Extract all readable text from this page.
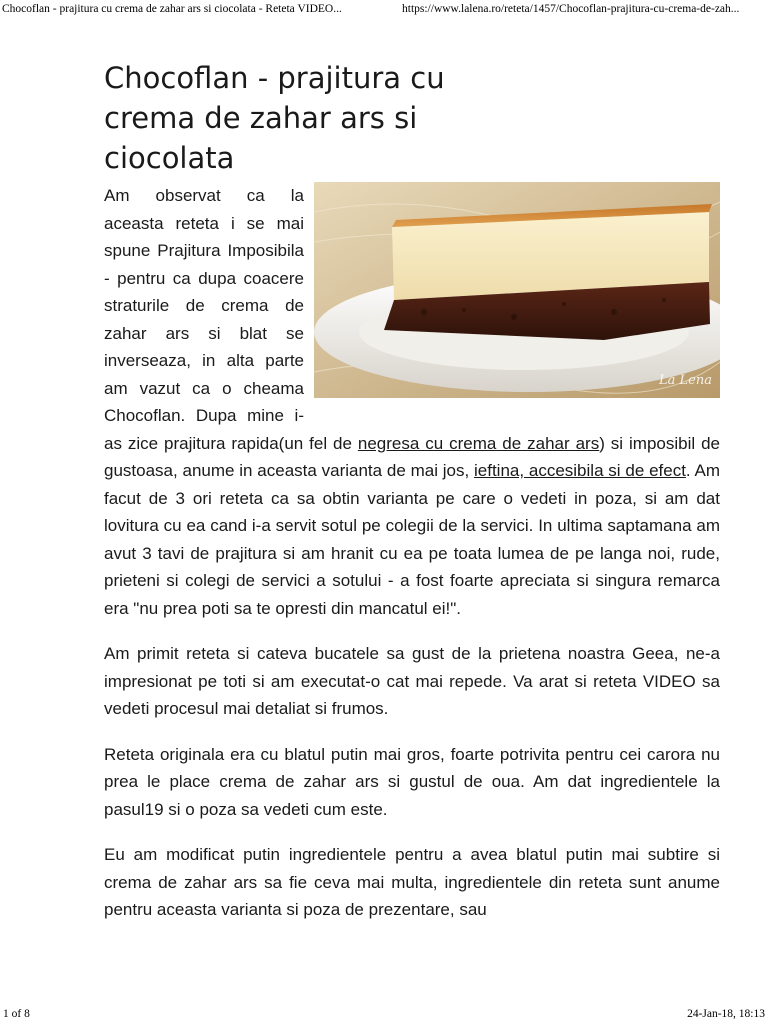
Chocoflan - prajitura cu crema de zahar ars si ciocolata - Reteta VIDEO...	https://www.lalena.ro/reteta/1457/Chocoflan-prajitura-cu-crema-de-zah...
Chocoflan - prajitura cu crema de zahar ars si ciocolata
La Lena

Am observat ca la aceasta reteta i se mai spune Prajitura Imposibila - pentru ca dupa coacere straturile de crema de zahar ars si blat se inverseaza, in alta parte am vazut ca o cheama Chocoflan. Dupa mine i-as zice prajitura rapida(un fel de negresa cu crema de zahar ars) si imposibil de gustoasa, anume in aceasta varianta de mai jos, ieftina, accesibila si de efect. Am facut de 3 ori reteta ca sa obtin varianta pe care o vedeti in poza, si am dat lovitura cu ea cand i-a servit sotul pe colegii de la servici. In ultima saptamana am avut 3 tavi de prajitura si am hranit cu ea pe toata lumea de pe langa noi, rude, prieteni si colegi de servici a sotului - a fost foarte apreciata si singura remarca era "nu prea poti sa te opresti din mancatul ei!".

Am primit reteta si cateva bucatele sa gust de la prietena noastra Geea, ne-a impresionat pe toti si am executat-o cat mai repede. Va arat si reteta VIDEO sa vedeti procesul mai detaliat si frumos.

Reteta originala era cu blatul putin mai gros, foarte potrivita pentru cei carora nu prea le place crema de zahar ars si gustul de oua. Am dat ingredientele la pasul19 si o poza sa vedeti cum este.

Eu am modificat putin ingredientele pentru a avea blatul putin mai subtire si crema de zahar ars sa fie ceva mai multa, ingredientele din reteta sunt anume pentru aceasta varianta si poza de prezentare, sau

1 of 8	24-Jan-18, 18:13
